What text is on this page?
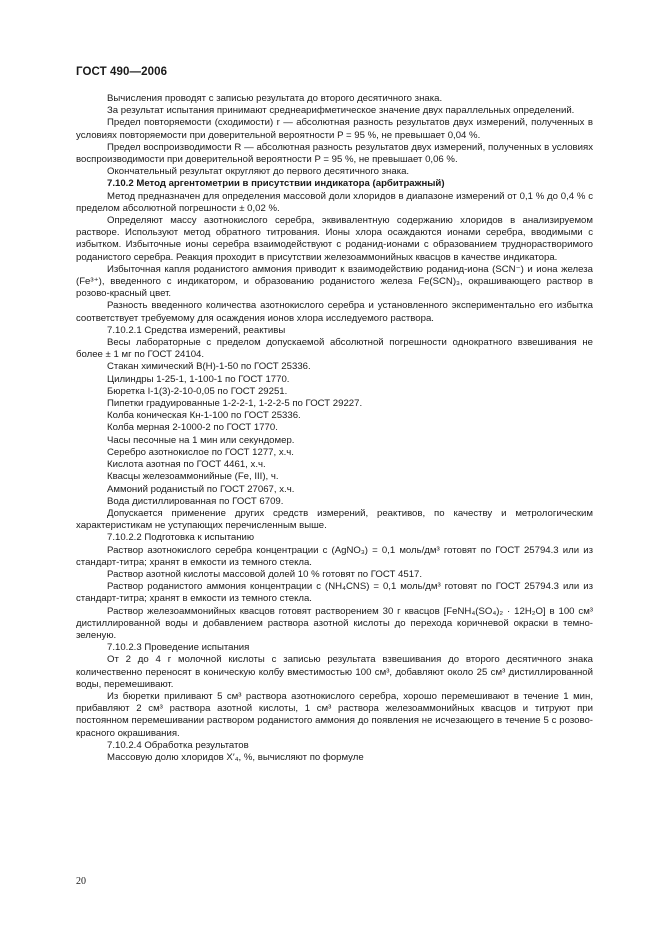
ГОСТ 490—2006

Вычисления проводят с записью результата до второго десятичного знака.

За результат испытания принимают среднеарифметическое значение двух параллельных определений.

Предел повторяемости (сходимости) r — абсолютная разность результатов двух измерений, полученных в условиях повторяемости при доверительной вероятности P = 95 %, не превышает 0,04 %.

Предел воспроизводимости R — абсолютная разность результатов двух измерений, полученных в условиях воспроизводимости при доверительной вероятности P = 95 %, не превышает 0,06 %.

Окончательный результат округляют до первого десятичного знака.

7.10.2 Метод аргентометрии в присутствии индикатора (арбитражный)

Метод предназначен для определения массовой доли хлоридов в диапазоне измерений от 0,1 % до 0,4 % с пределом абсолютной погрешности ± 0,02 %.

Определяют массу азотнокислого серебра, эквивалентную содержанию хлоридов в анализируемом растворе. Используют метод обратного титрования. Ионы хлора осаждаются ионами серебра, вводимыми с избытком. Избыточные ионы серебра взаимодействуют с роданид-ионами с образованием труднорастворимого роданистого серебра. Реакция проходит в присутствии железоаммонийных квасцов в качестве индикатора.

Избыточная капля роданистого аммония приводит к взаимодействию роданид-иона (SCN⁻) и иона железа (Fe³⁺), введенного с индикатором, и образованию роданистого железа Fe(SCN)₃, окрашивающего раствор в розово-красный цвет.

Разность введенного количества азотнокислого серебра и установленного экспериментально его избытка соответствует требуемому для осаждения ионов хлора исследуемого раствора.

7.10.2.1 Средства измерений, реактивы

Весы лабораторные с пределом допускаемой абсолютной погрешности однократного взвешивания не более ± 1 мг по ГОСТ 24104.

Стакан химический В(Н)-1-50 по ГОСТ 25336.

Цилиндры 1-25-1, 1-100-1 по ГОСТ 1770.

Бюретка I-1(3)-2-10-0,05 по ГОСТ 29251.

Пипетки градуированные 1-2-2-1, 1-2-2-5 по ГОСТ 29227.

Колба коническая Кн-1-100 по ГОСТ 25336.

Колба мерная 2-1000-2 по ГОСТ 1770.

Часы песочные на 1 мин или секундомер.

Серебро азотнокислое по ГОСТ 1277, х.ч.

Кислота азотная по ГОСТ 4461, х.ч.

Квасцы железоаммонийные (Fe, III), ч.

Аммоний роданистый по ГОСТ 27067, х.ч.

Вода дистиллированная по ГОСТ 6709.

Допускается применение других средств измерений, реактивов, по качеству и метрологическим характеристикам не уступающих перечисленным выше.

7.10.2.2 Подготовка к испытанию

Раствор азотнокислого серебра концентрации с (AgNO₃) = 0,1 моль/дм³ готовят по ГОСТ 25794.3 или из стандарт-титра; хранят в емкости из темного стекла.

Раствор азотной кислоты массовой долей 10 % готовят по ГОСТ 4517.

Раствор роданистого аммония концентрации с (NH₄CNS) = 0,1 моль/дм³ готовят по ГОСТ 25794.3 или из стандарт-титра; хранят в емкости из темного стекла.

Раствор железоаммонийных квасцов готовят растворением 30 г квасцов [FeNH₄(SO₄)₂ · 12H₂O] в 100 см³ дистиллированной воды и добавлением раствора азотной кислоты до перехода коричневой окраски в темно-зеленую.

7.10.2.3 Проведение испытания

От 2 до 4 г молочной кислоты с записью результата взвешивания до второго десятичного знака количественно переносят в коническую колбу вместимостью 100 см³, добавляют около 25 см³ дистиллированной воды, перемешивают.

Из бюретки приливают 5 см³ раствора азотнокислого серебра, хорошо перемешивают в течение 1 мин, прибавляют 2 см³ раствора азотной кислоты, 1 см³ раствора железоаммонийных квасцов и титруют при постоянном перемешивании раствором роданистого аммония до появления не исчезающего в течение 5 с розово-красного окрашивания.

7.10.2.4 Обработка результатов

Массовую долю хлоридов X′₄, %, вычисляют по формуле

20
